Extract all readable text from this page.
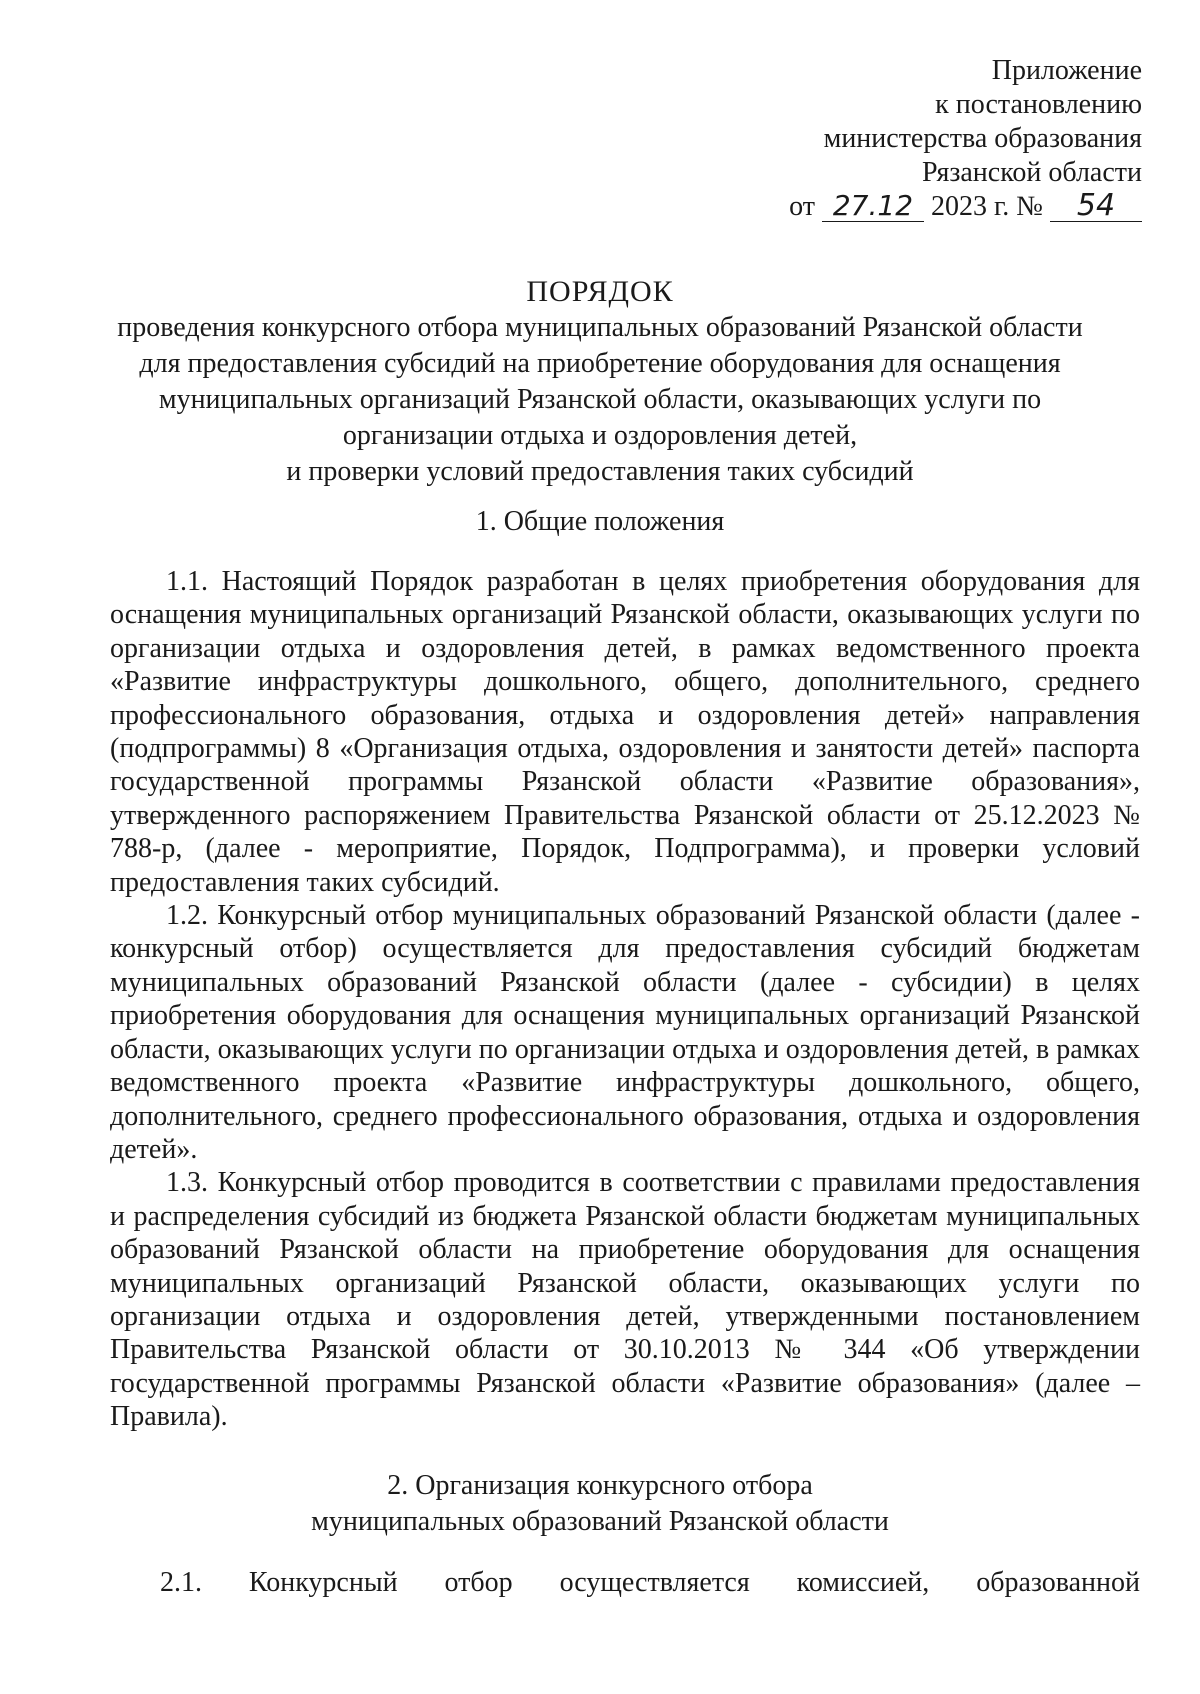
Приложение
к постановлению
министерства образования
Рязанской области
от 27.12 2023 г. № 54
ПОРЯДОК
проведения конкурсного отбора муниципальных образований Рязанской области
для предоставления субсидий на приобретение оборудования для оснащения
муниципальных организаций Рязанской области, оказывающих услуги по
организации отдыха и оздоровления детей,
и проверки условий предоставления таких субсидий
1. Общие положения

1.1. Настоящий Порядок разработан в целях приобретения оборудования для оснащения муниципальных организаций Рязанской области, оказывающих услуги по организации отдыха и оздоровления детей, в рамках ведомственного проекта «Развитие инфраструктуры дошкольного, общего, дополнительного, среднего профессионального образования, отдыха и оздоровления детей» направления (подпрограммы) 8 «Организация отдыха, оздоровления и занятости детей» паспорта государственной программы Рязанской области «Развитие образования», утвержденного распоряжением Правительства Рязанской области от 25.12.2023 № 788-р, (далее - мероприятие, Порядок, Подпрограмма), и проверки условий предоставления таких субсидий.

1.2. Конкурсный отбор муниципальных образований Рязанской области (далее - конкурсный отбор) осуществляется для предоставления субсидий бюджетам муниципальных образований Рязанской области (далее - субсидии) в целях приобретения оборудования для оснащения муниципальных организаций Рязанской области, оказывающих услуги по организации отдыха и оздоровления детей, в рамках ведомственного проекта «Развитие инфраструктуры дошкольного, общего, дополнительного, среднего профессионального образования, отдыха и оздоровления детей».

1.3. Конкурсный отбор проводится в соответствии с правилами предоставления и распределения субсидий из бюджета Рязанской области бюджетам муниципальных образований Рязанской области на приобретение оборудования для оснащения муниципальных организаций Рязанской области, оказывающих услуги по организации отдыха и оздоровления детей, утвержденными постановлением Правительства Рязанской области от 30.10.2013 № 344 «Об утверждении государственной программы Рязанской области «Развитие образования» (далее – Правила).

2. Организация конкурсного отбора
муниципальных образований Рязанской области
2.1. Конкурсный отбор осуществляется комиссией, образованной
